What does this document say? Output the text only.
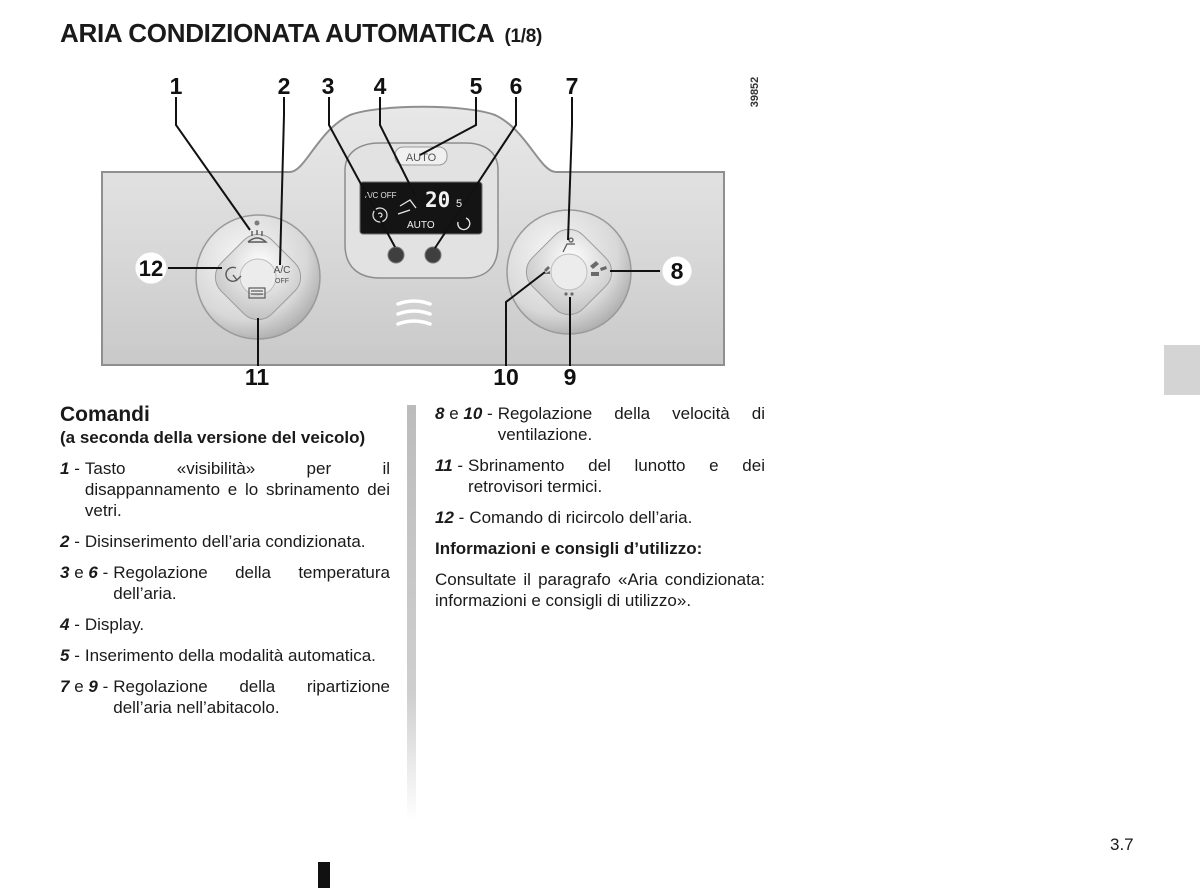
ARIA CONDIZIONATA AUTOMATICA (1/8)
A/C
OFF
AUTO
A/C OFF 20 5
AUTO
1	2 3 4	5 6 7
9
10
11
8
12
39852
Comandi

(a seconda della versione del veicolo)

1 - Tasto «visibilità» per il disappannamento e lo sbrinamento dei vetri.
2 - Disinserimento dell’aria condizionata.
3 e 6 - Regolazione della temperatura dell’aria.
4 - Display.
5 - Inserimento della modalità automatica.
7 e 9 - Regolazione della ripartizione dell’aria nell’abitacolo.
8 e 10 - Regolazione della velocità di ventilazione.
11 - Sbrinamento del lunotto e dei retrovisori termici.
12 - Comando di ricircolo dell’aria.

Informazioni e consigli d’utilizzo:

Consultate il paragrafo «Aria condizionata: informazioni e consigli di utilizzo».

3.7
